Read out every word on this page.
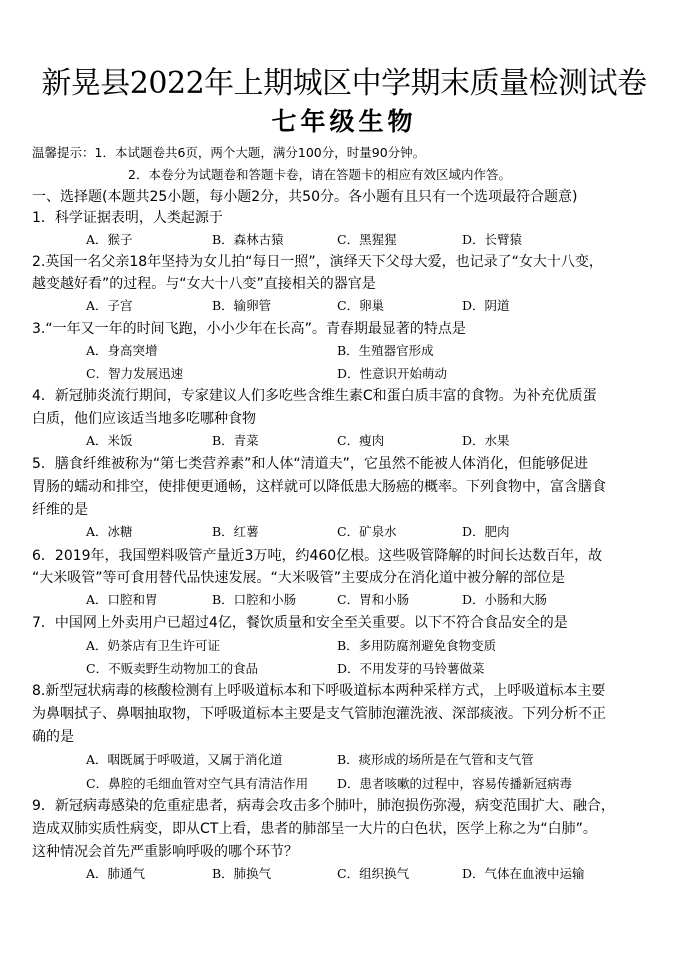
新晃县2022年上期城区中学期末质量检测试卷
七年级生物
温馨提示：1．本试题卷共6页，两个大题，满分100分，时量90分钟。
2．本卷分为试题卷和答题卡卷，请在答题卡的相应有效区域内作答。
一、选择题(本题共25小题，每小题2分，共50分。各小题有且只有一个选项最符合题意)
1．科学证据表明，人类起源于
A．猴子	B．森林古猿	C．黑猩猩	D．长臂猿
2.英国一名父亲18年坚持为女儿拍“每日一照”，演绎天下父母大爱，也记录了“女大十八变，
越变越好看”的过程。与“女大十八变”直接相关的器官是
A．子宫	B．输卵管	C．卵巢	D．阴道
3.“一年又一年的时间飞跑，小小少年在长高”。青春期最显著的特点是
A．身高突增	B．生殖器官形成
C．智力发展迅速	D．性意识开始萌动
4．新冠肺炎流行期间，专家建议人们多吃些含维生素C和蛋白质丰富的食物。为补充优质蛋
白质，他们应该适当地多吃哪种食物
A．米饭	B．青菜	C．瘦肉	D．水果
5．膳食纤维被称为“第七类营养素”和人体“清道夫”，它虽然不能被人体消化，但能够促进
胃肠的蠕动和排空，使排便更通畅，这样就可以降低患大肠癌的概率。下列食物中，富含膳食
纤维的是
A．冰糖	B．红薯	C．矿泉水	D．肥肉
6．2019年，我国塑料吸管产量近3万吨，约460亿根。这些吸管降解的时间长达数百年，故
“大米吸管”等可食用替代品快速发展。“大米吸管”主要成分在消化道中被分解的部位是
A．口腔和胃	B．口腔和小肠	C．胃和小肠	D．小肠和大肠
7．中国网上外卖用户已超过4亿，餐饮质量和安全至关重要。以下不符合食品安全的是
A．奶茶店有卫生许可证	B．多用防腐剂避免食物变质
C．不贩卖野生动物加工的食品	D．不用发芽的马铃薯做菜
8.新型冠状病毒的核酸检测有上呼吸道标本和下呼吸道标本两种采样方式，上呼吸道标本主要
为鼻咽拭子、鼻咽抽取物，下呼吸道标本主要是支气管肺泡灌洗液、深部痰液。下列分析不正
确的是
A．咽既属于呼吸道，又属于消化道	B．痰形成的场所是在气管和支气管
C．鼻腔的毛细血管对空气具有清洁作用 D．患者咳嗽的过程中，容易传播新冠病毒
9．新冠病毒感染的危重症患者，病毒会攻击多个肺叶，肺泡损伤弥漫，病变范围扩大、融合，
造成双肺实质性病变，即从CT上看，患者的肺部呈一大片的白色状，医学上称之为“白肺”。
这种情况会首先严重影响呼吸的哪个环节？
A．肺通气	B．肺换气	C．组织换气	D．气体在血液中运输
